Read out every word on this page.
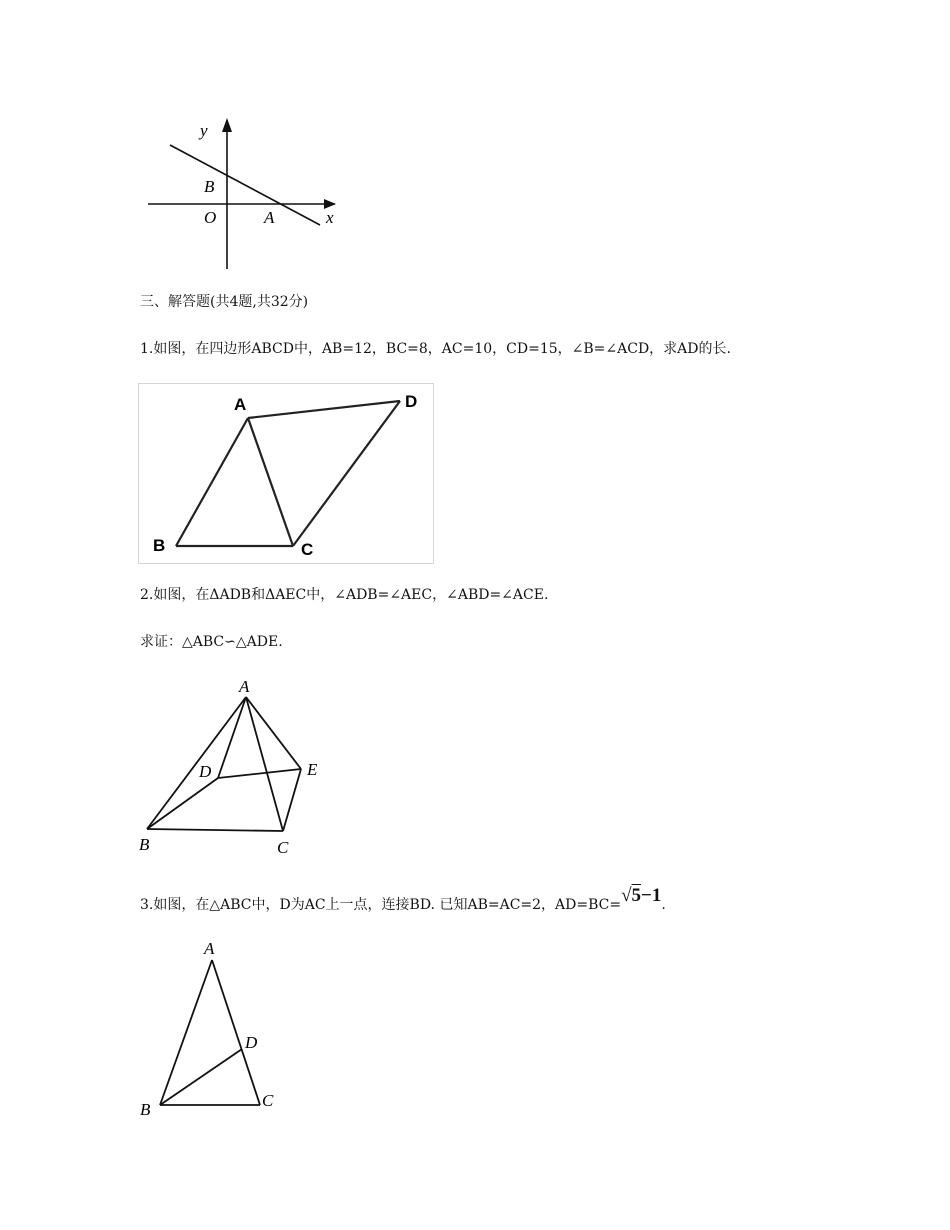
y
x
B
O	A
三、解答题(共4题,共32分)
1.如图，在四边形ABCD中，AB=12，BC=8，AC=10，CD=15，∠B=∠ACD，求AD的长.
A
B	C
D
2.如图，在ΔADB和ΔAEC中，∠ADB=∠AEC，∠ABD=∠ACE.
求证：△ABC∽△ADE.
A
B	C
D	E
3.如图，在△ABC中，D为AC上一点，连接BD. 已知AB=AC=2，AD=BC=√5−1.
A
B	C
D
